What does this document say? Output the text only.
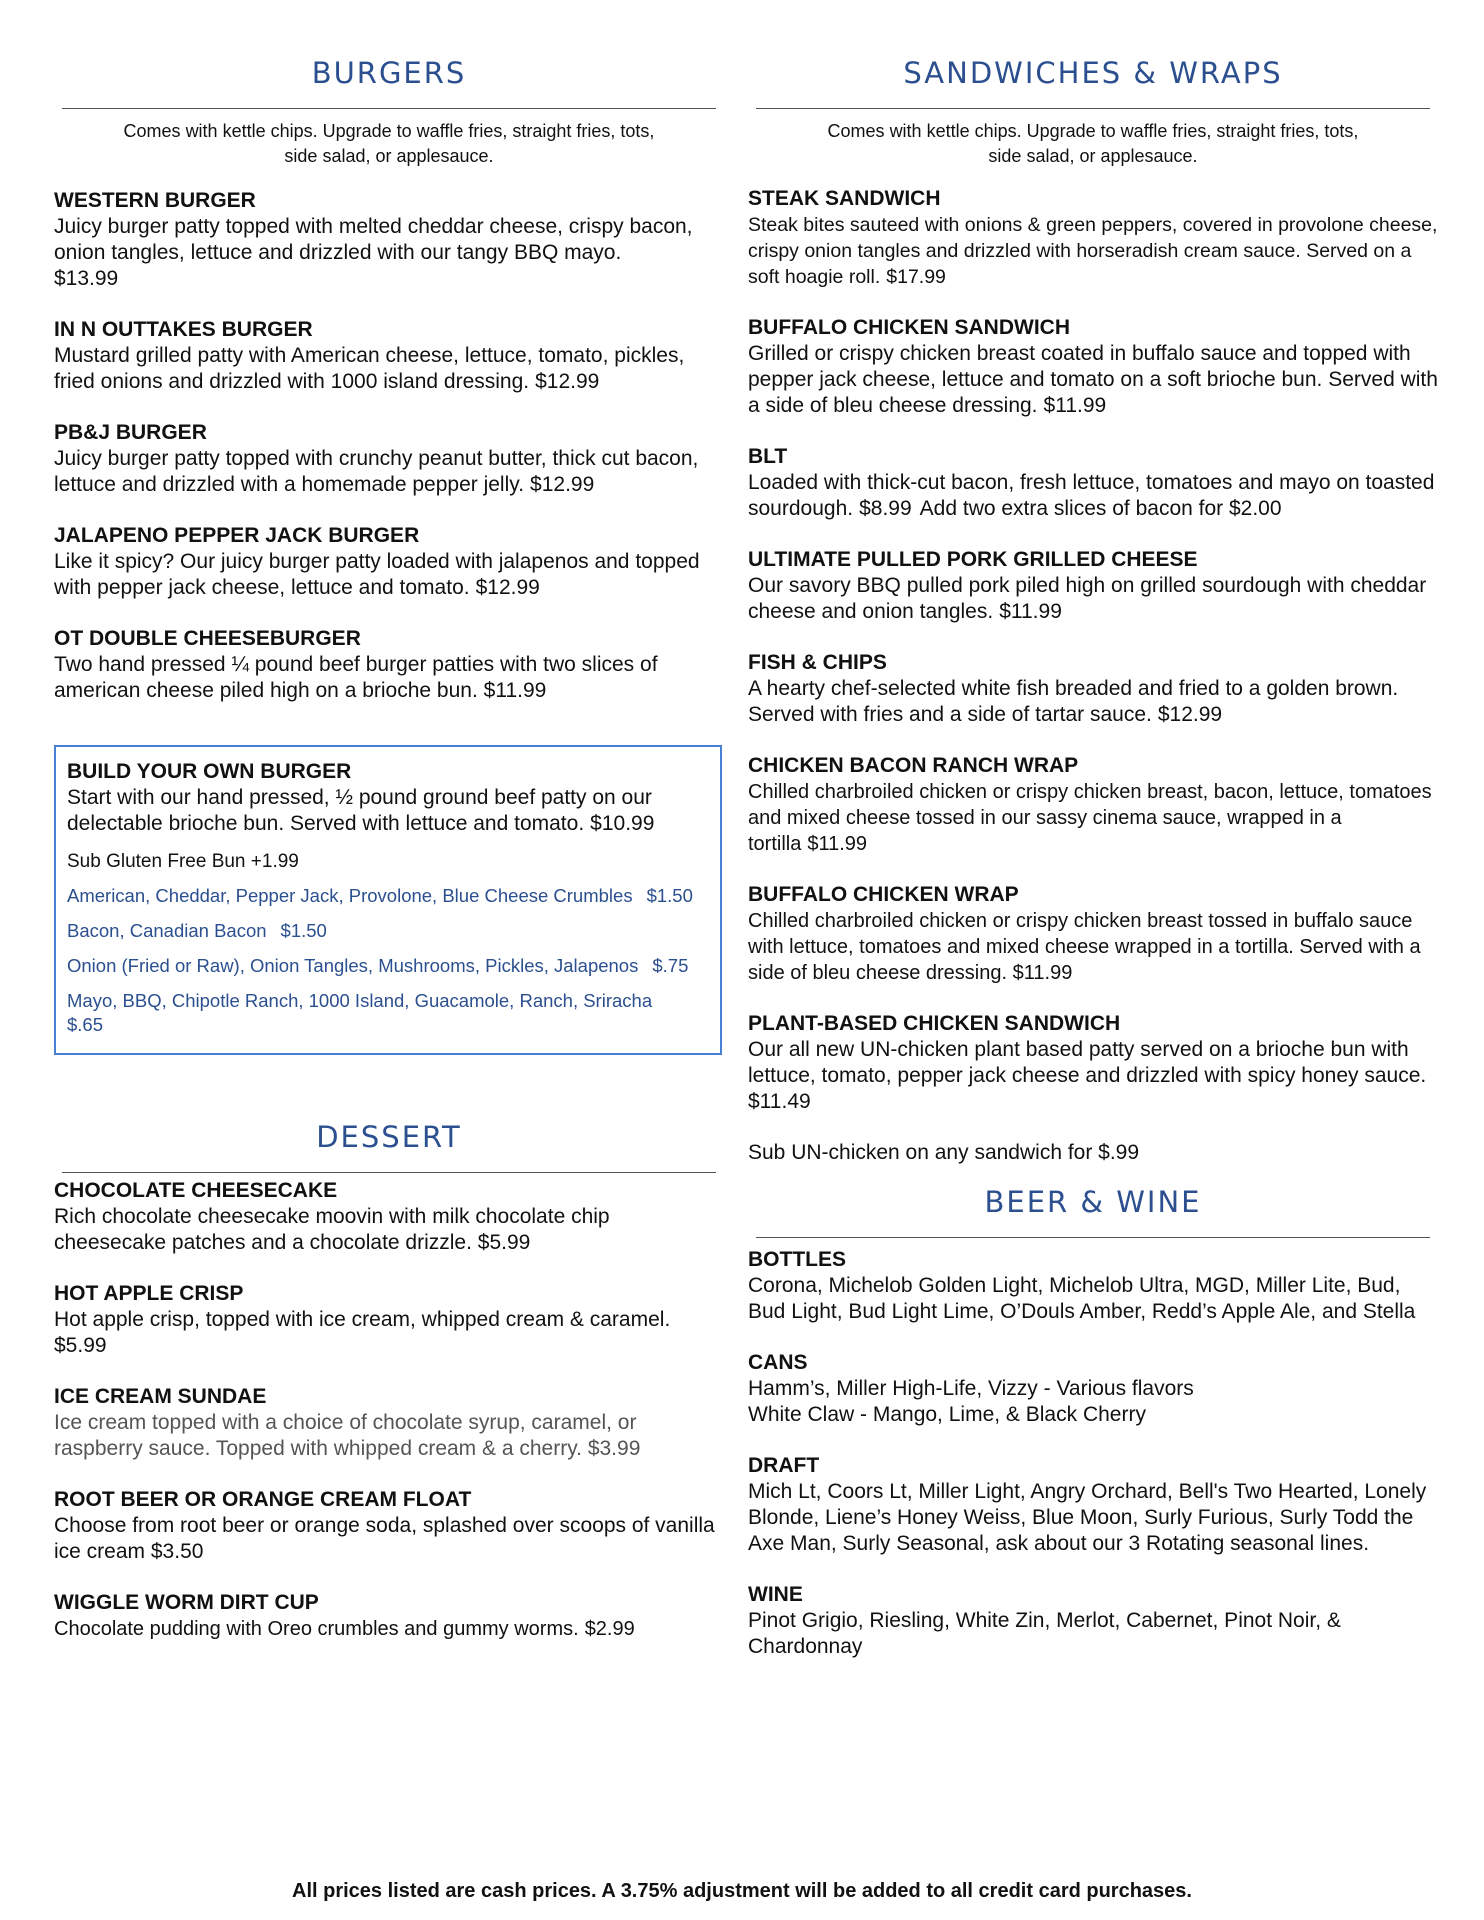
BURGERS
Comes with kettle chips. Upgrade to waffle fries, straight fries, tots,
side salad, or applesauce.
WESTERN BURGER
Juicy burger patty topped with melted cheddar cheese, crispy bacon, onion tangles, lettuce and drizzled with our tangy BBQ mayo.
$13.99
IN N OUTTAKES BURGER
Mustard grilled patty with American cheese, lettuce, tomato, pickles, fried onions and drizzled with 1000 island dressing. $12.99
PB&J BURGER
Juicy burger patty topped with crunchy peanut butter, thick cut bacon, lettuce and drizzled with a homemade pepper jelly. $12.99
JALAPENO PEPPER JACK BURGER
Like it spicy? Our juicy burger patty loaded with jalapenos and topped with pepper jack cheese, lettuce and tomato. $12.99
OT DOUBLE CHEESEBURGER
Two hand pressed ¼ pound beef burger patties with two slices of american cheese piled high on a brioche bun. $11.99
DESSERT
CHOCOLATE CHEESECAKE
Rich chocolate cheesecake moovin with milk chocolate chip cheesecake patches and a chocolate drizzle. $5.99
HOT APPLE CRISP
Hot apple crisp, topped with ice cream, whipped cream & caramel.
$5.99
ICE CREAM SUNDAE
Ice cream topped with a choice of chocolate syrup, caramel, or raspberry sauce. Topped with whipped cream & a cherry. $3.99
ROOT BEER OR ORANGE CREAM FLOAT
Choose from root beer or orange soda, splashed over scoops of vanilla ice cream $3.50
WIGGLE WORM DIRT CUP
Chocolate pudding with Oreo crumbles and gummy worms. $2.99
BUILD YOUR OWN BURGER
Start with our hand pressed, ½ pound ground beef patty on our delectable brioche bun. Served with lettuce and tomato. $10.99
Sub Gluten Free Bun +1.99
American, Cheddar, Pepper Jack, Provolone, Blue Cheese Crumbles $1.50
Bacon, Canadian Bacon $1.50
Onion (Fried or Raw), Onion Tangles, Mushrooms, Pickles, Jalapenos $.75
Mayo, BBQ, Chipotle Ranch, 1000 Island, Guacamole, Ranch, Sriracha
$.65
SANDWICHES & WRAPS
Comes with kettle chips. Upgrade to waffle fries, straight fries, tots,
side salad, or applesauce.
STEAK SANDWICH
Steak bites sauteed with onions & green peppers, covered in provolone cheese, crispy onion tangles and drizzled with horseradish cream sauce. Served on a soft hoagie roll. $17.99
BUFFALO CHICKEN SANDWICH
Grilled or crispy chicken breast coated in buffalo sauce and topped with pepper jack cheese, lettuce and tomato on a soft brioche bun. Served with a side of bleu cheese dressing. $11.99
BLT
Loaded with thick-cut bacon, fresh lettuce, tomatoes and mayo on toasted sourdough. $8.99 Add two extra slices of bacon for $2.00
ULTIMATE PULLED PORK GRILLED CHEESE
Our savory BBQ pulled pork piled high on grilled sourdough with cheddar cheese and onion tangles. $11.99
FISH & CHIPS
A hearty chef-selected white fish breaded and fried to a golden brown. Served with fries and a side of tartar sauce. $12.99
CHICKEN BACON RANCH WRAP
Chilled charbroiled chicken or crispy chicken breast, bacon, lettuce, tomatoes and mixed cheese tossed in our sassy cinema sauce, wrapped in a tortilla $11.99
BUFFALO CHICKEN WRAP
Chilled charbroiled chicken or crispy chicken breast tossed in buffalo sauce with lettuce, tomatoes and mixed cheese wrapped in a tortilla. Served with a side of bleu cheese dressing. $11.99
PLANT-BASED CHICKEN SANDWICH
Our all new UN-chicken plant based patty served on a brioche bun with lettuce, tomato, pepper jack cheese and drizzled with spicy honey sauce. $11.49
Sub UN-chicken on any sandwich for $.99
BEER & WINE
BOTTLES
Corona, Michelob Golden Light, Michelob Ultra, MGD, Miller Lite, Bud, Bud Light, Bud Light Lime, O’Douls Amber, Redd’s Apple Ale, and Stella
CANS
Hamm’s, Miller High-Life, Vizzy - Various flavors
White Claw - Mango, Lime, & Black Cherry
DRAFT
Mich Lt, Coors Lt, Miller Light, Angry Orchard, Bell's Two Hearted, Lonely Blonde, Liene’s Honey Weiss, Blue Moon, Surly Furious, Surly Todd the Axe Man, Surly Seasonal, ask about our 3 Rotating seasonal lines.
WINE
Pinot Grigio, Riesling, White Zin, Merlot, Cabernet, Pinot Noir, & Chardonnay
All prices listed are cash prices. A 3.75% adjustment will be added to all credit card purchases.
